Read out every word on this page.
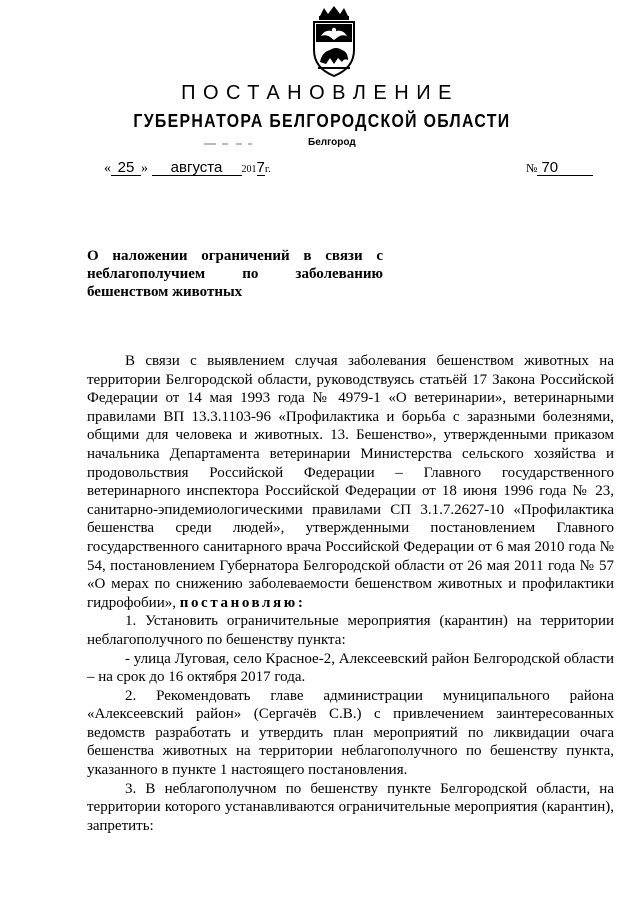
ПОСТАНОВЛЕНИЕ
ГУБЕРНАТОРА БЕЛГОРОДСКОЙ ОБЛАСТИ
Белгород
« 25 » августа 2017г.	№ 70
О наложении ограничений в связи с
неблагополучием по заболеванию
бешенством животных

В связи с выявлением случая заболевания бешенством животных на территории Белгородской области, руководствуясь статьёй 17 Закона Российской Федерации от 14 мая 1993 года № 4979-1 «О ветеринарии», ветеринарными правилами ВП 13.3.1103-96 «Профилактика и борьба с заразными болезнями, общими для человека и животных. 13. Бешенство», утвержденными приказом начальника Департамента ветеринарии Министерства сельского хозяйства и продовольствия Российской Федерации – Главного государственного ветеринарного инспектора Российской Федерации от 18 июня 1996 года № 23, санитарно-эпидемиологическими правилами СП 3.1.7.2627-10 «Профилактика бешенства среди людей», утвержденными постановлением Главного государственного санитарного врача Российской Федерации от 6 мая 2010 года № 54, постановлением Губернатора Белгородской области от 26 мая 2011 года № 57 «О мерах по снижению заболеваемости бешенством животных и профилактики гидрофобии», постановляю:

1. Установить ограничительные мероприятия (карантин) на территории неблагополучного по бешенству пункта:

- улица Луговая, село Красное-2, Алексеевский район Белгородской области – на срок до 16 октября 2017 года.

2. Рекомендовать главе администрации муниципального района «Алексеевский район» (Сергачёв С.В.) с привлечением заинтересованных ведомств разработать и утвердить план мероприятий по ликвидации очага бешенства животных на территории неблагополучного по бешенству пункта, указанного в пункте 1 настоящего постановления.

3. В неблагополучном по бешенству пункте Белгородской области, на территории которого устанавливаются ограничительные мероприятия (карантин), запретить:
